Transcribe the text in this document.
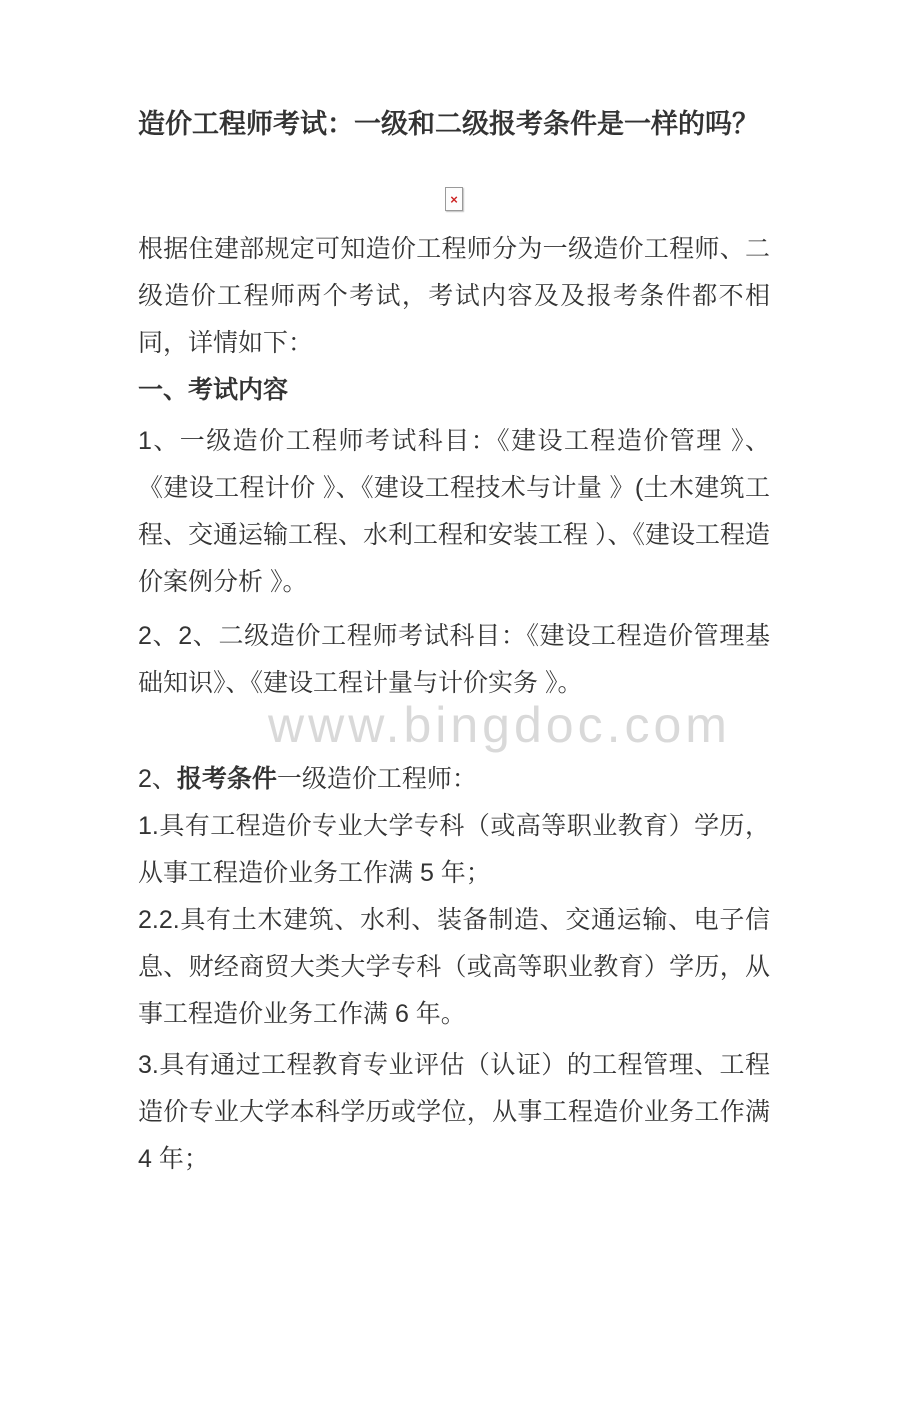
www.bingdoc.com
造价工程师考试：一级和二级报考条件是一样的吗？
×

根据住建部规定可知造价工程师分为一级造价工程师、二级造价工程师两个考试，考试内容及及报考条件都不相同，详情如下：

一、考试内容

1、一级造价工程师考试科目：《建设工程造价管理 》、《建设工程计价 》、《建设工程技术与计量 》(土木建筑工程、交通运输工程、水利工程和安装工程 ）、《建设工程造价案例分析 》。

2、2、二级造价工程师考试科目：《建设工程造价管理基础知识》、《建设工程计量与计价实务 》。

2、报考条件一级造价工程师：

1.具有工程造价专业大学专科（或高等职业教育）学历，从事工程造价业务工作满 5 年；

2.2.具有土木建筑、水利、装备制造、交通运输、电子信息、财经商贸大类大学专科（或高等职业教育）学历，从事工程造价业务工作满 6 年。

3.具有通过工程教育专业评估（认证）的工程管理、工程造价专业大学本科学历或学位，从事工程造价业务工作满 4 年；
